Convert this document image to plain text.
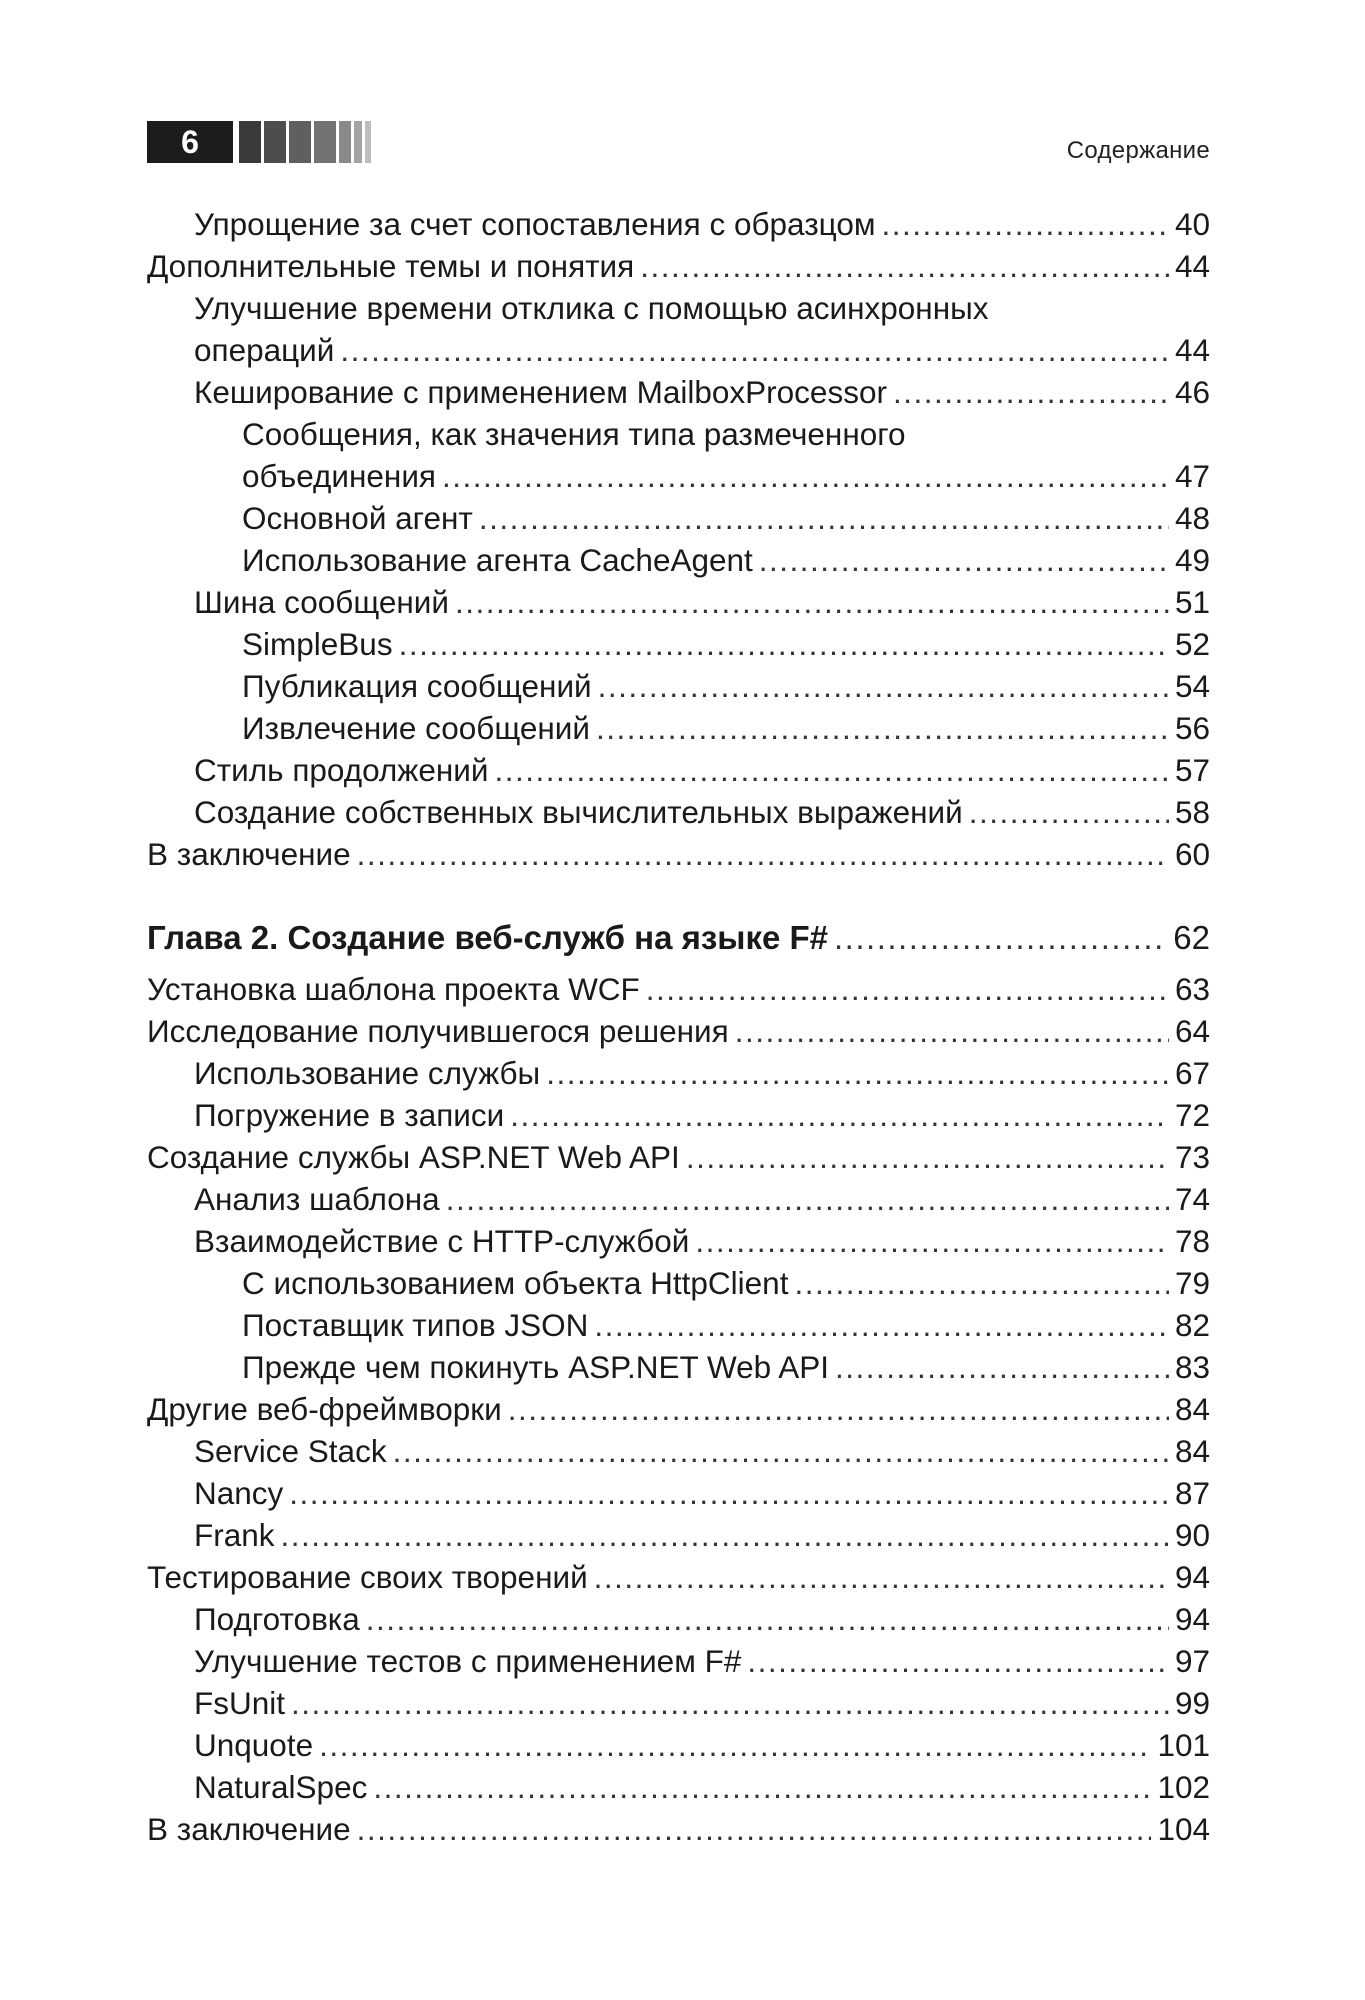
6	Содержание
Упрощение за счет сопоставления с образцом .....	40
Дополнительные темы и понятия .....	44
Улучшение времени отклика с помощью асинхронных
операций .....	44
Кеширование с применением MailboxProcessor .....	46
Сообщения, как значения типа размеченного
объединения .....	47
Основной агент .....	48
Использование агента CacheAgent .....	49
Шина сообщений .....	51
SimpleBus .....	52
Публикация сообщений .....	54
Извлечение сообщений .....	56
Стиль продолжений .....	57
Создание собственных вычислительных выражений .....	58
В заключение .....	60
Глава 2. Создание веб-служб на языке F# .....	62
Установка шаблона проекта WCF .....	63
Исследование получившегося решения .....	64
Использование службы .....	67
Погружение в записи .....	72
Создание службы ASP.NET Web API .....	73
Анализ шаблона .....	74
Взаимодействие с HTTP-службой .....	78
С использованием объекта HttpClient .....	79
Поставщик типов JSON .....	82
Прежде чем покинуть ASP.NET Web API .....	83
Другие веб-фреймворки .....	84
Service Stack .....	84
Nancy .....	87
Frank .....	90
Тестирование своих творений .....	94
Подготовка .....	94
Улучшение тестов с применением F# .....	97
FsUnit .....	99
Unquote .....	101
NaturalSpec .....	102
В заключение .....	104
